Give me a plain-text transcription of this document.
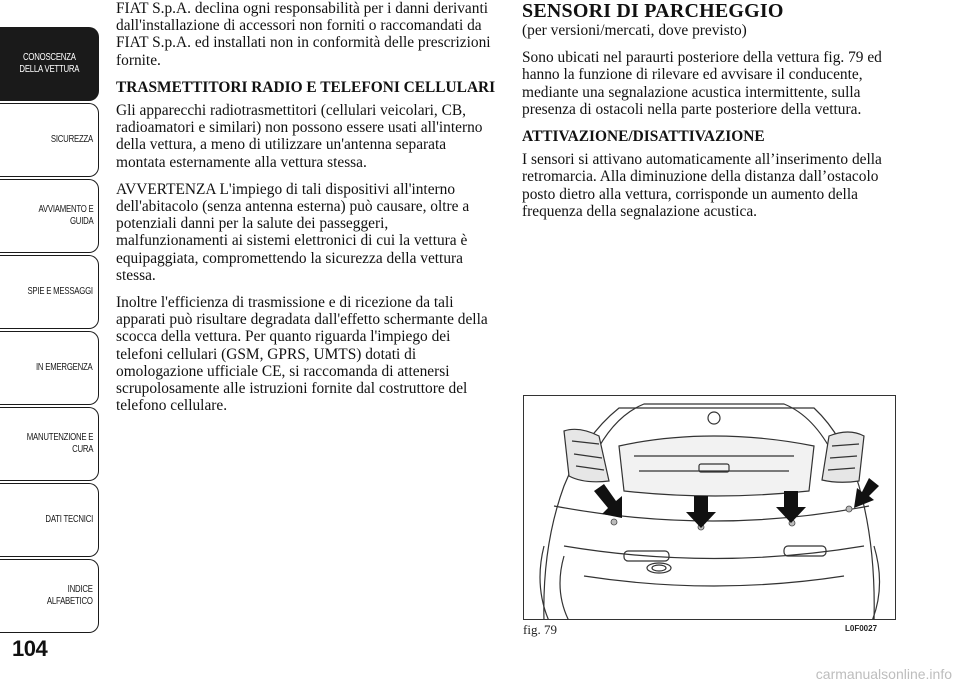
CONOSCENZA
DELLA VETTURA
SICUREZZA
AVVIAMENTO E
GUIDA
SPIE E MESSAGGI
IN EMERGENZA
MANUTENZIONE E
CURA
DATI TECNICI
INDICE
ALFABETICO
104

FIAT S.p.A. declina ogni responsabilità per i danni derivanti dall'installazione di accessori non forniti o raccomandati da FIAT S.p.A. ed installati non in conformità delle prescrizioni fornite.

TRASMETTITORI RADIO E TELEFONI CELLULARI

Gli apparecchi radiotrasmettitori (cellulari veicolari, CB, radioamatori e similari) non possono essere usati all'interno della vettura, a meno di utilizzare un'antenna separata montata esternamente alla vettura stessa.

AVVERTENZA L'impiego di tali dispositivi all'interno dell'abitacolo (senza antenna esterna) può causare, oltre a potenziali danni per la salute dei passeggeri, malfunzionamenti ai sistemi elettronici di cui la vettura è equipaggiata, compromettendo la sicurezza della vettura stessa.

Inoltre l'efficienza di trasmissione e di ricezione da tali apparati può risultare degradata dall'effetto schermante della scocca della vettura. Per quanto riguarda l'impiego dei telefoni cellulari (GSM, GPRS, UMTS) dotati di omologazione ufficiale CE, si raccomanda di attenersi scrupolosamente alle istruzioni fornite dal costruttore del telefono cellulare.

SENSORI DI PARCHEGGIO

(per versioni/mercati, dove previsto)

Sono ubicati nel paraurti posteriore della vettura fig. 79 ed hanno la funzione di rilevare ed avvisare il conducente, mediante una segnalazione acustica intermittente, sulla presenza di ostacoli nella parte posteriore della vettura.

ATTIVAZIONE/DISATTIVAZIONE

I sensori si attivano automaticamente all’inserimento della retromarcia. Alla diminuzione della distanza dall’ostacolo posto dietro alla vettura, corrisponde un aumento della frequenza della segnalazione acustica.

fig. 79	L0F0027
carmanualsonline.info
